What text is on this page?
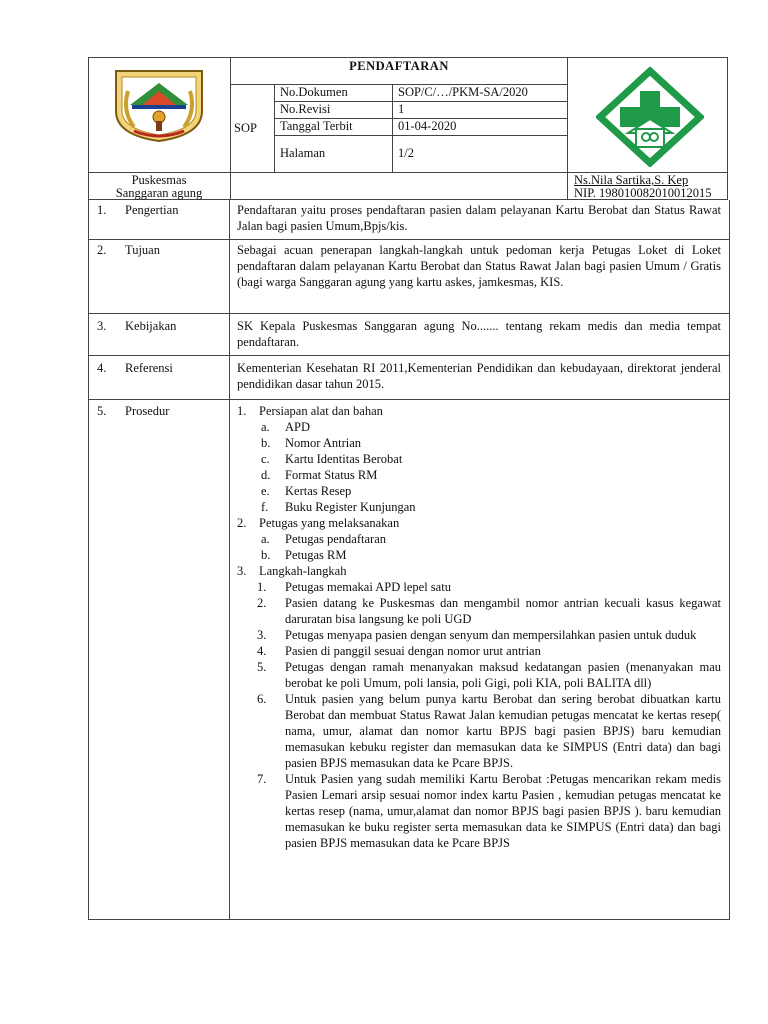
PENDAFTARAN
SOP
No.Dokumen	SOP/C/…/PKM-SA/2020
No.Revisi	1
Tanggal Terbit	01-04-2020
Halaman	1/2
Puskesmas
Sanggaran agung
Ns.Nila Sartika,S. Kep
NIP. 198010082010012015
1. Pengertian	Pendaftaran yaitu proses pendaftaran pasien dalam pelayanan Kartu Berobat dan Status Rawat Jalan bagi pasien Umum,Bpjs/kis.
2. Tujuan	Sebagai acuan penerapan langkah-langkah untuk pedoman kerja Petugas Loket di Loket pendaftaran dalam pelayanan Kartu Berobat dan Status Rawat Jalan bagi pasien Umum / Gratis (bagi warga Sanggaran agung yang kartu askes, jamkesmas, KIS.
3. Kebijakan	SK Kepala Puskesmas Sanggaran agung No....... tentang rekam medis dan media tempat pendaftaran.
4. Referensi	Kementerian Kesehatan RI 2011,Kementerian Pendidikan dan kebudayaan, direktorat jenderal pendidikan dasar tahun 2015.
5. Prosedur	1. Persiapan alat dan bahan
a. APD
b. Nomor Antrian
c. Kartu Identitas Berobat
d. Format Status RM
e. Kertas Resep
f. Buku Register Kunjungan
2. Petugas yang melaksanakan
a. Petugas pendaftaran
b. Petugas RM
3. Langkah-langkah
1. Petugas memakai APD lepel satu
2. Pasien datang ke Puskesmas dan mengambil nomor antrian kecuali kasus kegawat daruratan bisa langsung ke poli UGD
3. Petugas menyapa pasien dengan senyum dan mempersilahkan pasien untuk duduk
4. Pasien di panggil sesuai dengan nomor urut antrian
5. Petugas dengan ramah menanyakan maksud kedatangan pasien (menanyakan mau berobat ke poli Umum, poli lansia, poli Gigi, poli KIA, poli BALITA dll)
6. Untuk pasien yang belum punya kartu Berobat dan sering berobat dibuatkan kartu Berobat dan membuat Status Rawat Jalan kemudian petugas mencatat ke kertas resep( nama, umur, alamat dan nomor kartu BPJS bagi pasien BPJS) baru kemudian memasukan kebuku register dan memasukan data ke SIMPUS (Entri data) dan bagi pasien BPJS memasukan data ke Pcare BPJS.
7. Untuk Pasien yang sudah memiliki Kartu Berobat :Petugas mencarikan rekam medis Pasien Lemari arsip sesuai nomor index kartu Pasien , kemudian petugas mencatat ke kertas resep (nama, umur,alamat dan nomor BPJS bagi pasien BPJS ). baru kemudian memasukan ke buku register serta memasukan data ke SIMPUS (Entri data) dan bagi pasien BPJS memasukan data ke Pcare BPJS
